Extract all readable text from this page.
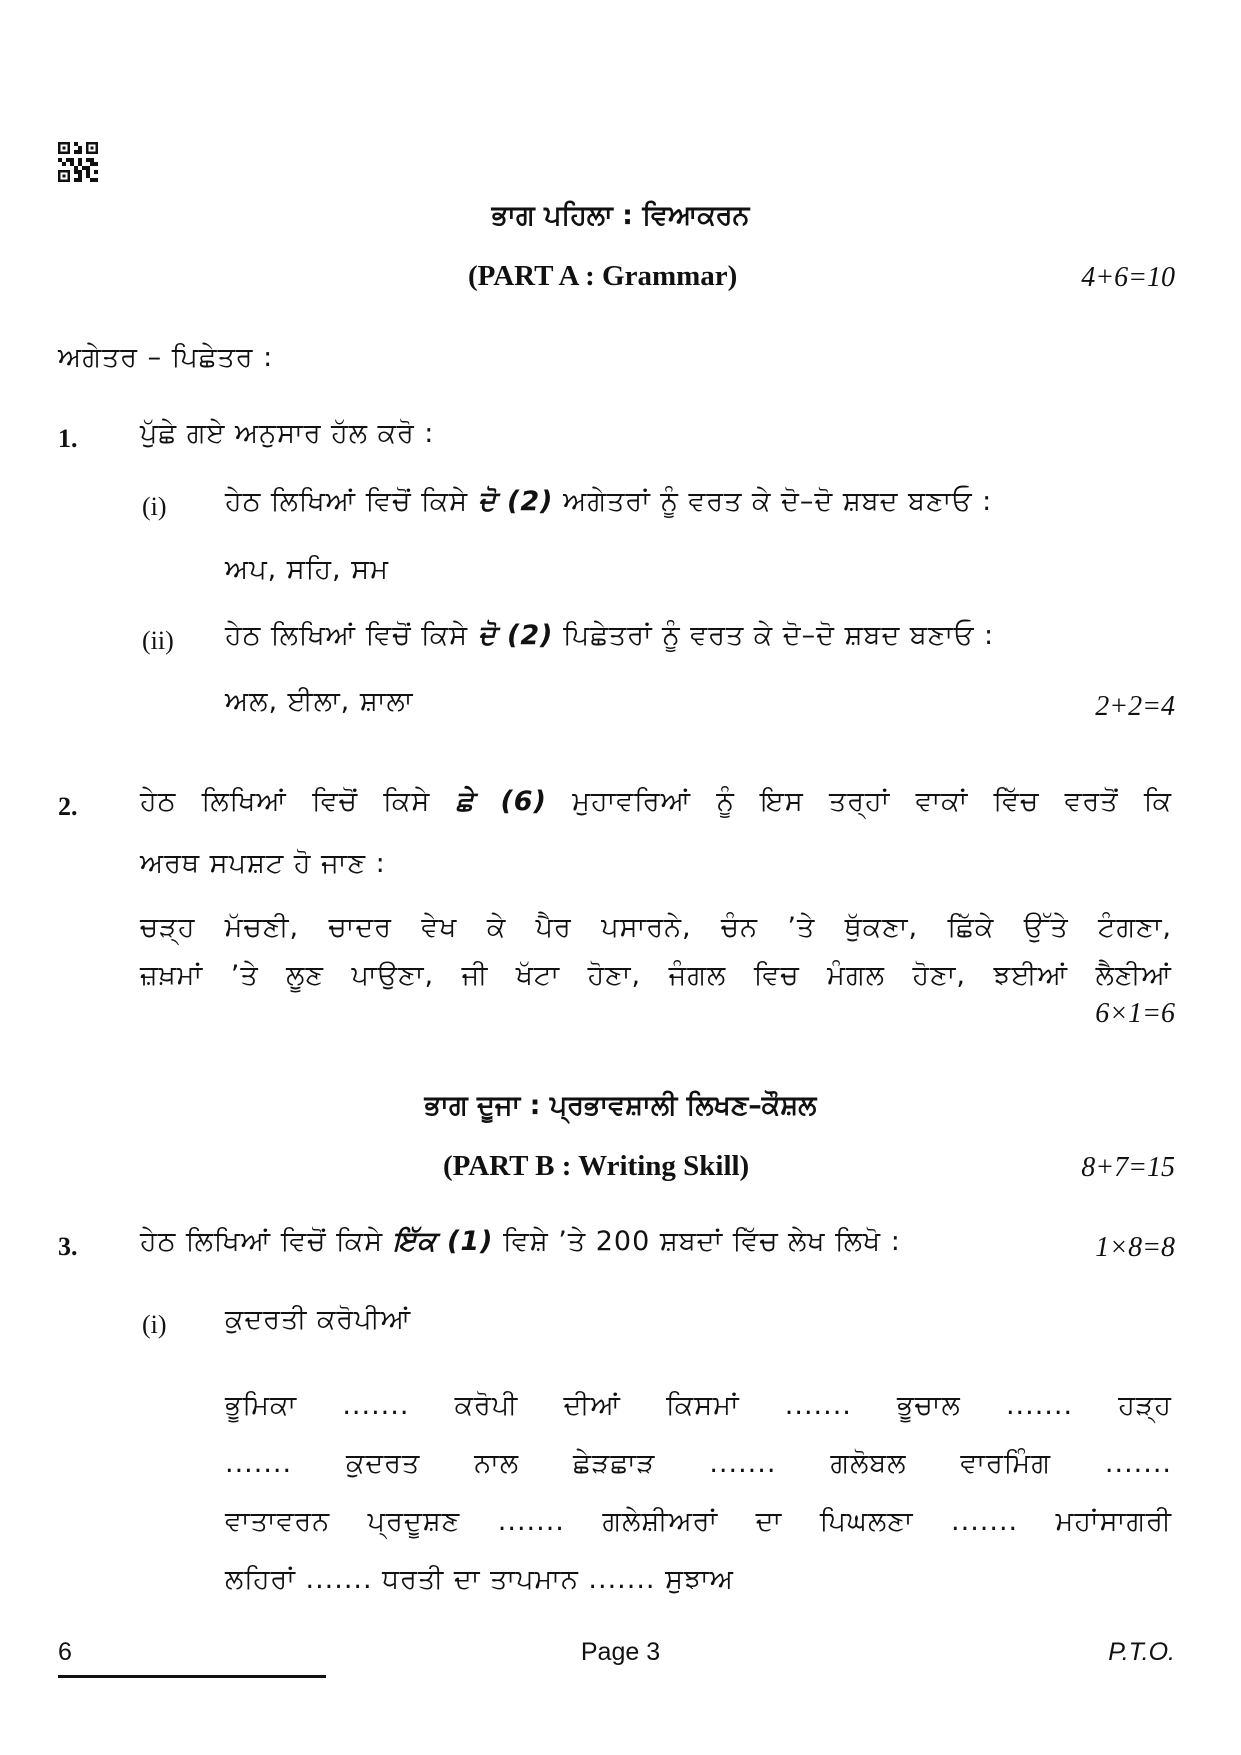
ਭਾਗ ਪਹਿਲਾ : ਵਿਆਕਰਨ
(PART A : Grammar)	4+6=10
ਅਗੇਤਰ – ਪਿਛੇਤਰ :
1. ਪੁੱਛੇ ਗਏ ਅਨੁਸਾਰ ਹੱਲ ਕਰੋ :
(i) ਹੇਠ ਲਿਖਿਆਂ ਵਿਚੋਂ ਕਿਸੇ ਦੋ (2) ਅਗੇਤਰਾਂ ਨੂੰ ਵਰਤ ਕੇ ਦੋ–ਦੋ ਸ਼ਬਦ ਬਣਾਓ :
ਅਪ, ਸਹਿ, ਸਮ
(ii) ਹੇਠ ਲਿਖਿਆਂ ਵਿਚੋਂ ਕਿਸੇ ਦੋ (2) ਪਿਛੇਤਰਾਂ ਨੂੰ ਵਰਤ ਕੇ ਦੋ–ਦੋ ਸ਼ਬਦ ਬਣਾਓ :
ਅਲ, ਈਲਾ, ਸ਼ਾਲਾ	2+2=4
2. ਹੇਠ ਲਿਖਿਆਂ ਵਿਚੋਂ ਕਿਸੇ ਛੇ (6) ਮੁਹਾਵਰਿਆਂ ਨੂੰ ਇਸ ਤਰ੍ਹਾਂ ਵਾਕਾਂ ਵਿੱਚ ਵਰਤੋਂ ਕਿ
ਅਰਥ ਸਪਸ਼ਟ ਹੋ ਜਾਣ :
ਚੜ੍ਹ ਮੱਚਣੀ, ਚਾਦਰ ਵੇਖ ਕੇ ਪੈਰ ਪਸਾਰਨੇ, ਚੰਨ ’ਤੇ ਥੁੱਕਣਾ, ਛਿੱਕੇ ਉੱਤੇ ਟੰਗਣਾ,
ਜ਼ਖ਼ਮਾਂ ’ਤੇ ਲੂਣ ਪਾਉਣਾ, ਜੀ ਖੱਟਾ ਹੋਣਾ, ਜੰਗਲ ਵਿਚ ਮੰਗਲ ਹੋਣਾ, ਝਈਆਂ ਲੈਣੀਆਂ
6×1=6
ਭਾਗ ਦੂਜਾ : ਪ੍ਰਭਾਵਸ਼ਾਲੀ ਲਿਖਣ–ਕੌਸ਼ਲ
(PART B : Writing Skill)	8+7=15
3. ਹੇਠ ਲਿਖਿਆਂ ਵਿਚੋਂ ਕਿਸੇ ਇੱਕ (1) ਵਿਸ਼ੇ ’ਤੇ 200 ਸ਼ਬਦਾਂ ਵਿੱਚ ਲੇਖ ਲਿਖੋ :	1×8=8
(i) ਕੁਦਰਤੀ ਕਰੋਪੀਆਂ
ਭੂਮਿਕਾ ....... ਕਰੋਪੀ ਦੀਆਂ ਕਿਸਮਾਂ ....... ਭੂਚਾਲ ....... ਹੜ੍ਹ
....... ਕੁਦਰਤ ਨਾਲ ਛੇੜਛਾੜ ....... ਗਲੋਬਲ ਵਾਰਮਿੰਗ .......
ਵਾਤਾਵਰਨ ਪ੍ਰਦੂਸ਼ਣ ....... ਗਲੇਸ਼ੀਅਰਾਂ ਦਾ ਪਿਘਲਣਾ ....... ਮਹਾਂਸਾਗਰੀ
ਲਹਿਰਾਂ ....... ਧਰਤੀ ਦਾ ਤਾਪਮਾਨ ....... ਸੁਝਾਅ
6	Page 3	P.T.O.
